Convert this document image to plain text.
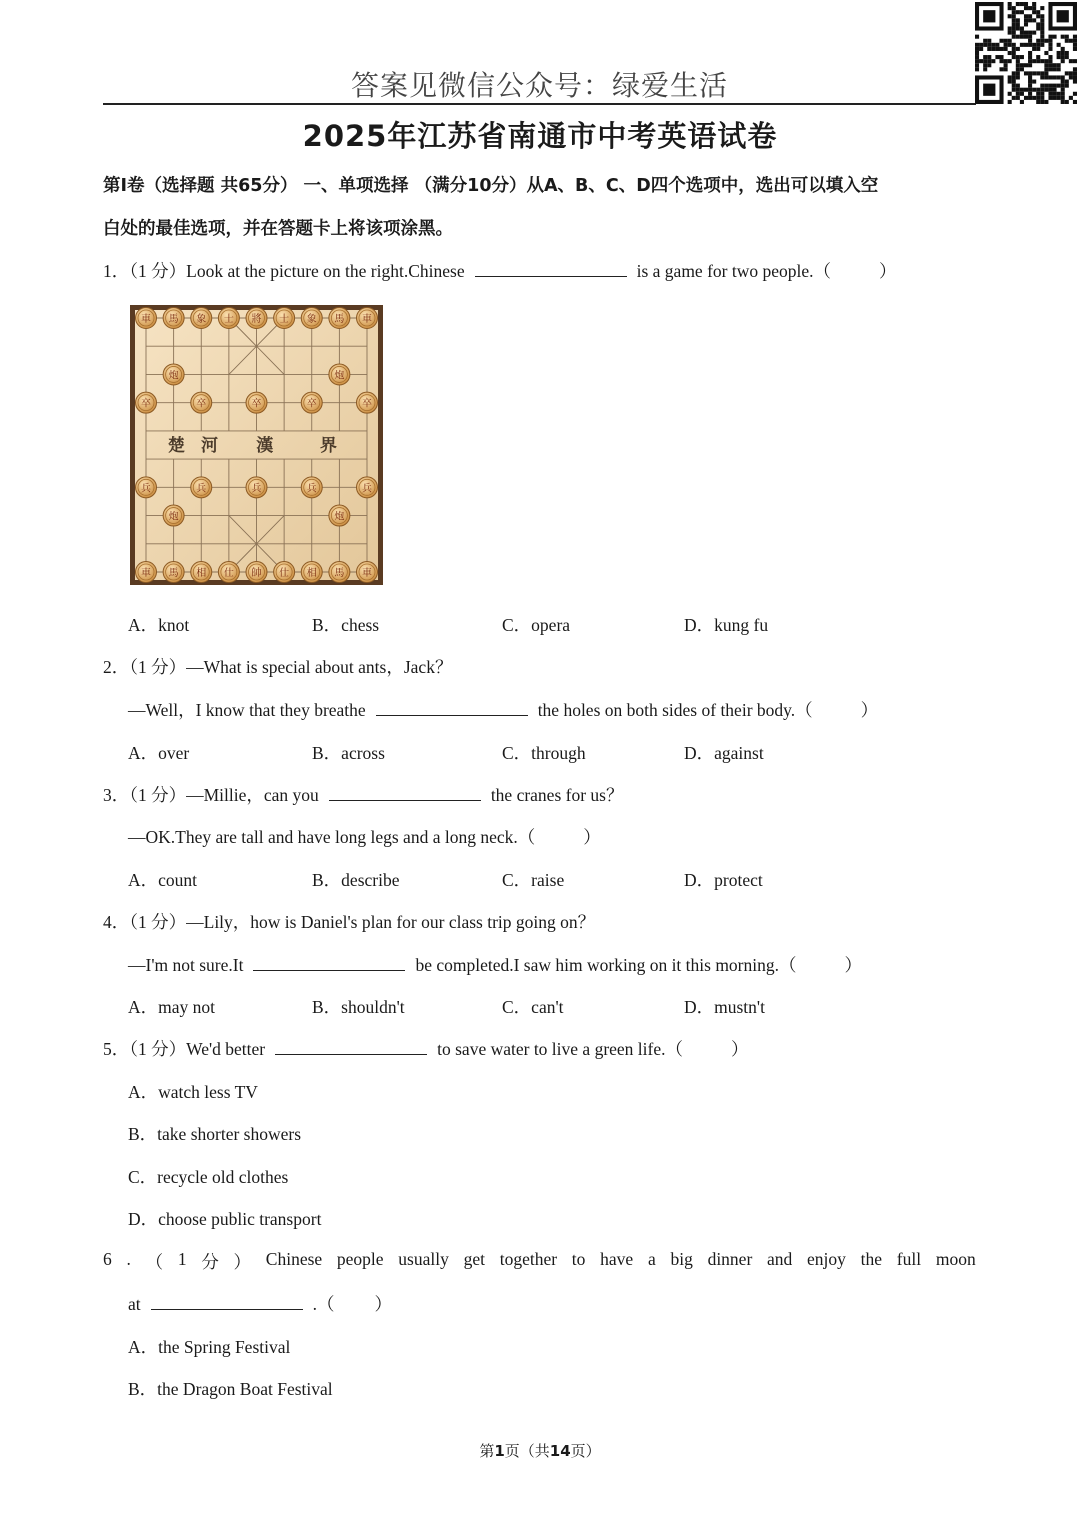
答案见微信公众号：绿爱生活
2025年江苏省南通市中考英语试卷
第Ⅰ卷（选择题 共65分） 一、单项选择 （满分10分）从A、B、C、D四个选项中，选出可以填入空
白处的最佳选项，并在答题卡上将该项涂黑。
1．（1 分）Look at the picture on the right.Chinese	is a game for two people.（	）
楚 河 漢	界
車 馬 象 士 將 士 象 馬 車
炮	炮
卒	卒	卒	卒	卒
兵	兵	兵	兵	兵
炮	炮
車 馬 相 仕 帥 仕 相 馬 車
A．knot	B．chess	C．opera	D．kung fu
2．（1 分）—What is special about ants，Jack？
—Well，I know that they breathe	the holes on both sides of their body.（	）
A．over	B．across	C．through	D．against
3．（1 分）—Millie，can you	the cranes for us？
—OK.They are tall and have long legs and a long neck.（	）
A．count	B．describe	C．raise	D．protect
4．（1 分）—Lily，how is Daniel's plan for our class trip going on？
—I'm not sure.It	be completed.I saw him working on it this morning.（	）
A．may not	B．shouldn't	C．can't	D．mustn't
5．（1 分）We'd better	to save water to live a green life.（	）
A．watch less TV
B．take shorter showers
C．recycle old clothes
D．choose public transport
6 . （ 1 分 ） Chinese people usually get together to have a big dinner and enjoy the full moon
at	.（ ）
A．the Spring Festival
B．the Dragon Boat Festival
第1页（共14页）
